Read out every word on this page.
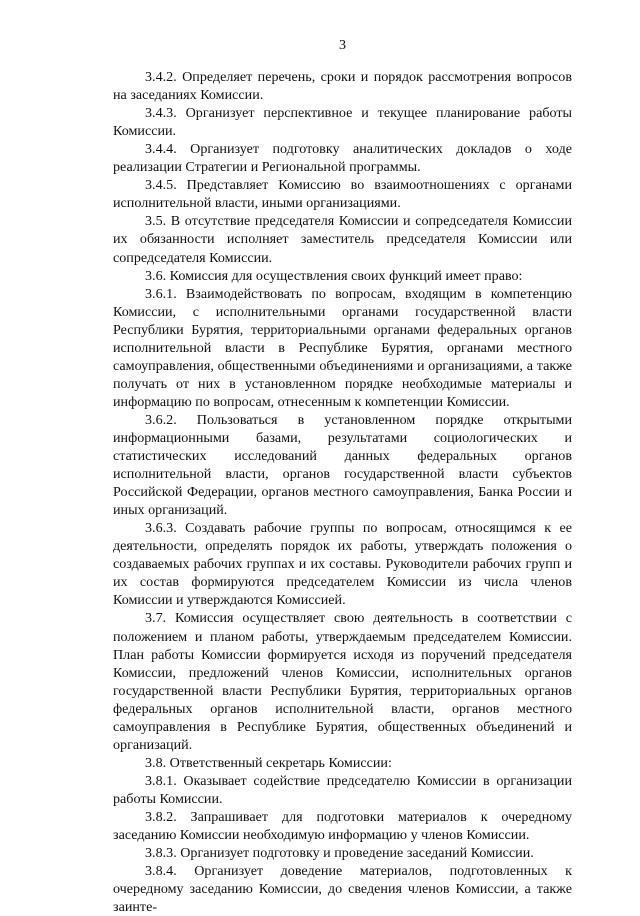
3

3.4.2. Определяет перечень, сроки и порядок рассмотрения вопросов на заседаниях Комиссии.

3.4.3. Организует перспективное и текущее планирование работы Комиссии.

3.4.4. Организует подготовку аналитических докладов о ходе реализации Стратегии и Региональной программы.

3.4.5. Представляет Комиссию во взаимоотношениях с органами исполнительной власти, иными организациями.

3.5. В отсутствие председателя Комиссии и сопредседателя Комиссии их обязанности исполняет заместитель председателя Комиссии или сопредседателя Комиссии.

3.6. Комиссия для осуществления своих функций имеет право:

3.6.1. Взаимодействовать по вопросам, входящим в компетенцию Комиссии, с исполнительными органами государственной власти Республики Бурятия, территориальными органами федеральных органов исполнительной власти в Республике Бурятия, органами местного самоуправления, общественными объединениями и организациями, а также получать от них в установленном порядке необходимые материалы и информацию по вопросам, отнесенным к компетенции Комиссии.

3.6.2. Пользоваться в установленном порядке открытыми информационными базами, результатами социологических и статистических исследований данных федеральных органов исполнительной власти, органов государственной власти субъектов Российской Федерации, органов местного самоуправления, Банка России и иных организаций.

3.6.3. Создавать рабочие группы по вопросам, относящимся к ее деятельности, определять порядок их работы, утверждать положения о создаваемых рабочих группах и их составы. Руководители рабочих групп и их состав формируются председателем Комиссии из числа членов Комиссии и утверждаются Комиссией.

3.7. Комиссия осуществляет свою деятельность в соответствии с положением и планом работы, утверждаемым председателем Комиссии. План работы Комиссии формируется исходя из поручений председателя Комиссии, предложений членов Комиссии, исполнительных органов государственной власти Республики Бурятия, территориальных органов федеральных органов исполнительной власти, органов местного самоуправления в Республике Бурятия, общественных объединений и организаций.

3.8. Ответственный секретарь Комиссии:

3.8.1. Оказывает содействие председателю Комиссии в организации работы Комиссии.

3.8.2. Запрашивает для подготовки материалов к очередному заседанию Комиссии необходимую информацию у членов Комиссии.

3.8.3. Организует подготовку и проведение заседаний Комиссии.

3.8.4. Организует доведение материалов, подготовленных к очередному заседанию Комиссии, до сведения членов Комиссии, а также заинте-
